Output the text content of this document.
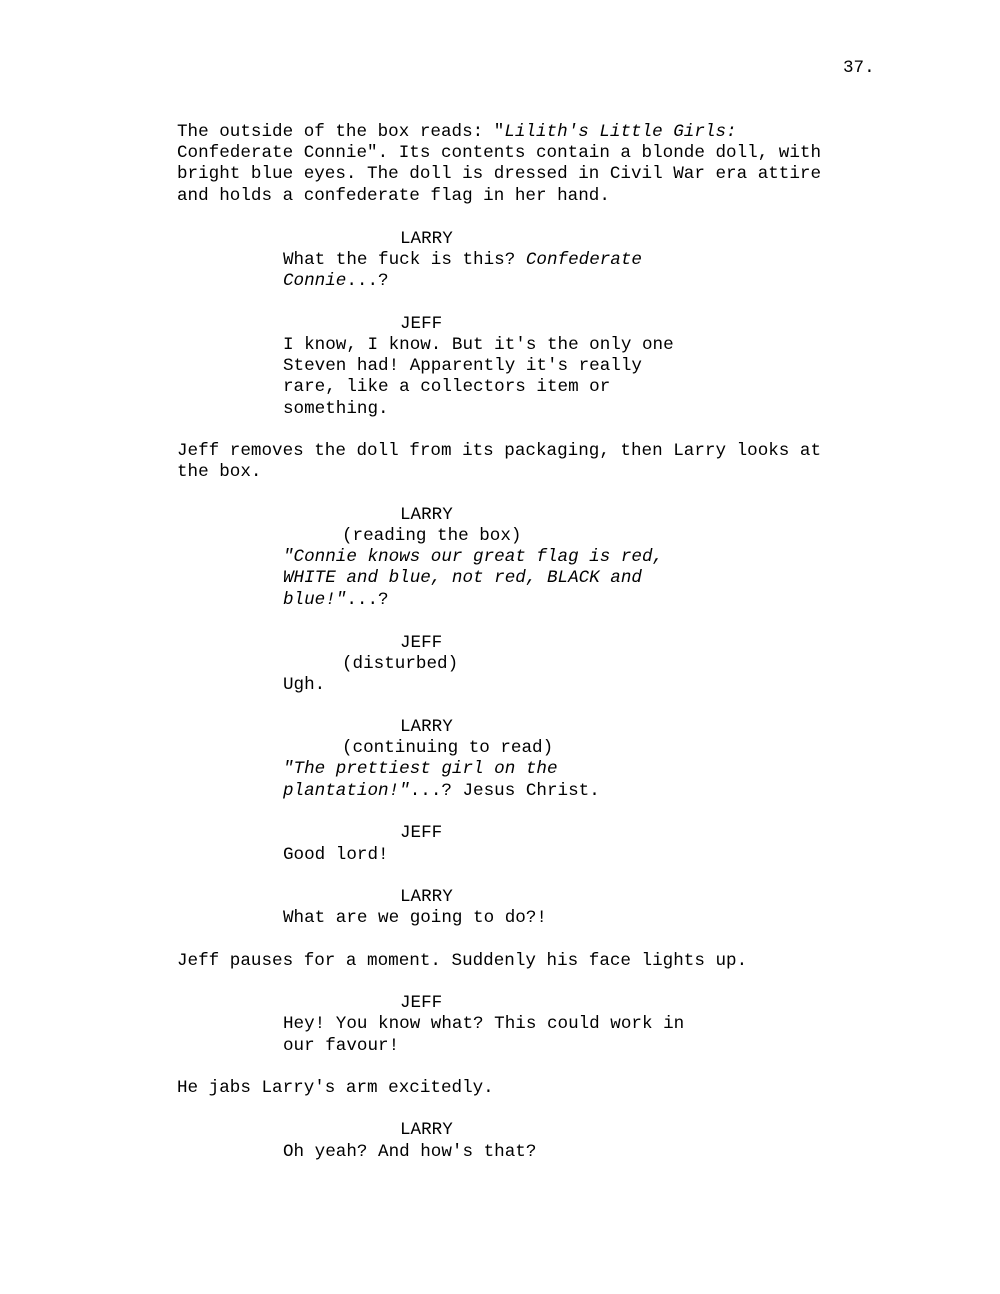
37.
The outside of the box reads: "Lilith's Little Girls:
Confederate Connie". Its contents contain a blonde doll, with
bright blue eyes. The doll is dressed in Civil War era attire
and holds a confederate flag in her hand.
LARRY
What the fuck is this? Confederate
Connie...?
JEFF
I know, I know. But it's the only one
Steven had! Apparently it's really
rare, like a collectors item or
something.
Jeff removes the doll from its packaging, then Larry looks at
the box.
LARRY
(reading the box)
"Connie knows our great flag is red,
WHITE and blue, not red, BLACK and
blue!"...?
JEFF
(disturbed)
Ugh.
LARRY
(continuing to read)
"The prettiest girl on the
plantation!"...? Jesus Christ.
JEFF
Good lord!
LARRY
What are we going to do?!
Jeff pauses for a moment. Suddenly his face lights up.
JEFF
Hey! You know what? This could work in
our favour!
He jabs Larry's arm excitedly.
LARRY
Oh yeah? And how's that?
